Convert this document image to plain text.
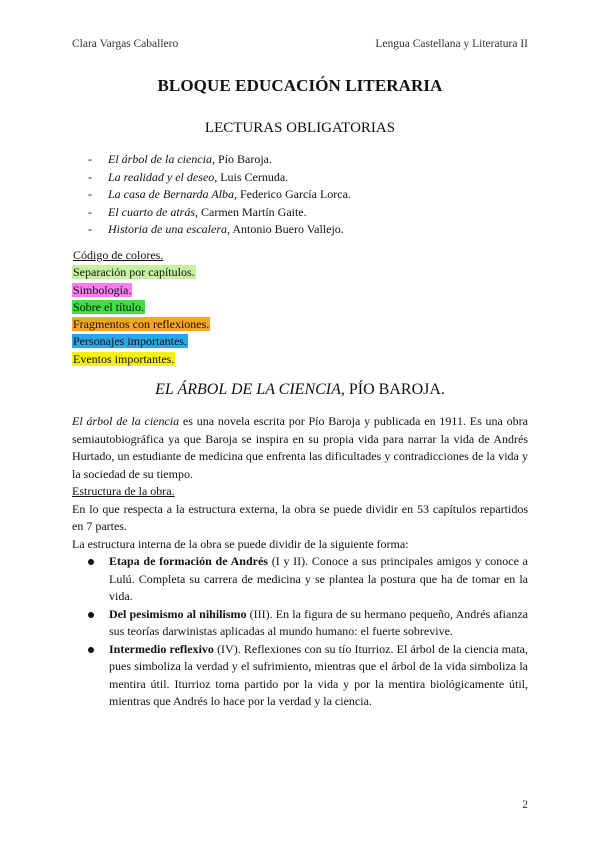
Clara Vargas Caballero	Lengua Castellana y Literatura II
BLOQUE EDUCACIÓN LITERARIA
LECTURAS OBLIGATORIAS
- El árbol de la ciencia, Pío Baroja.
- La realidad y el deseo, Luis Cernuda.
- La casa de Bernarda Alba, Federico García Lorca.
- El cuarto de atrás, Carmen Martín Gaite.
- Historia de una escalera, Antonio Buero Vallejo.
Código de colores.
Separación por capítulos.
Simbología.
Sobre el título.
Fragmentos con reflexiones.
Personajes importantes.
Eventos importantes.
EL ÁRBOL DE LA CIENCIA, PÍO BAROJA.

El árbol de la ciencia es una novela escrita por Pío Baroja y publicada en 1911. Es una obra semiautobiográfica ya que Baroja se inspira en su propia vida para narrar la vida de Andrés Hurtado, un estudiante de medicina que enfrenta las dificultades y contradicciones de la vida y la sociedad de su tiempo.

Estructura de la obra.

En lo que respecta a la estructura externa, la obra se puede dividir en 53 capítulos repartidos en 7 partes.

La estructura interna de la obra se puede dividir de la siguiente forma:

Etapa de formación de Andrés (I y II). Conoce a sus principales amigos y conoce a Lulú. Completa su carrera de medicina y se plantea la postura que ha de tomar en la vida.
Del pesimismo al nihilismo (III). En la figura de su hermano pequeño, Andrés afianza sus teorías darwinistas aplicadas al mundo humano: el fuerte sobrevive.
Intermedio reflexivo (IV). Reflexiones con su tío Iturrioz. El árbol de la ciencia mata, pues simboliza la verdad y el sufrimiento, mientras que el árbol de la vida simboliza la mentira útil. Iturrioz toma partido por la vida y por la mentira biológicamente útil, mientras que Andrés lo hace por la verdad y la ciencia.
2
